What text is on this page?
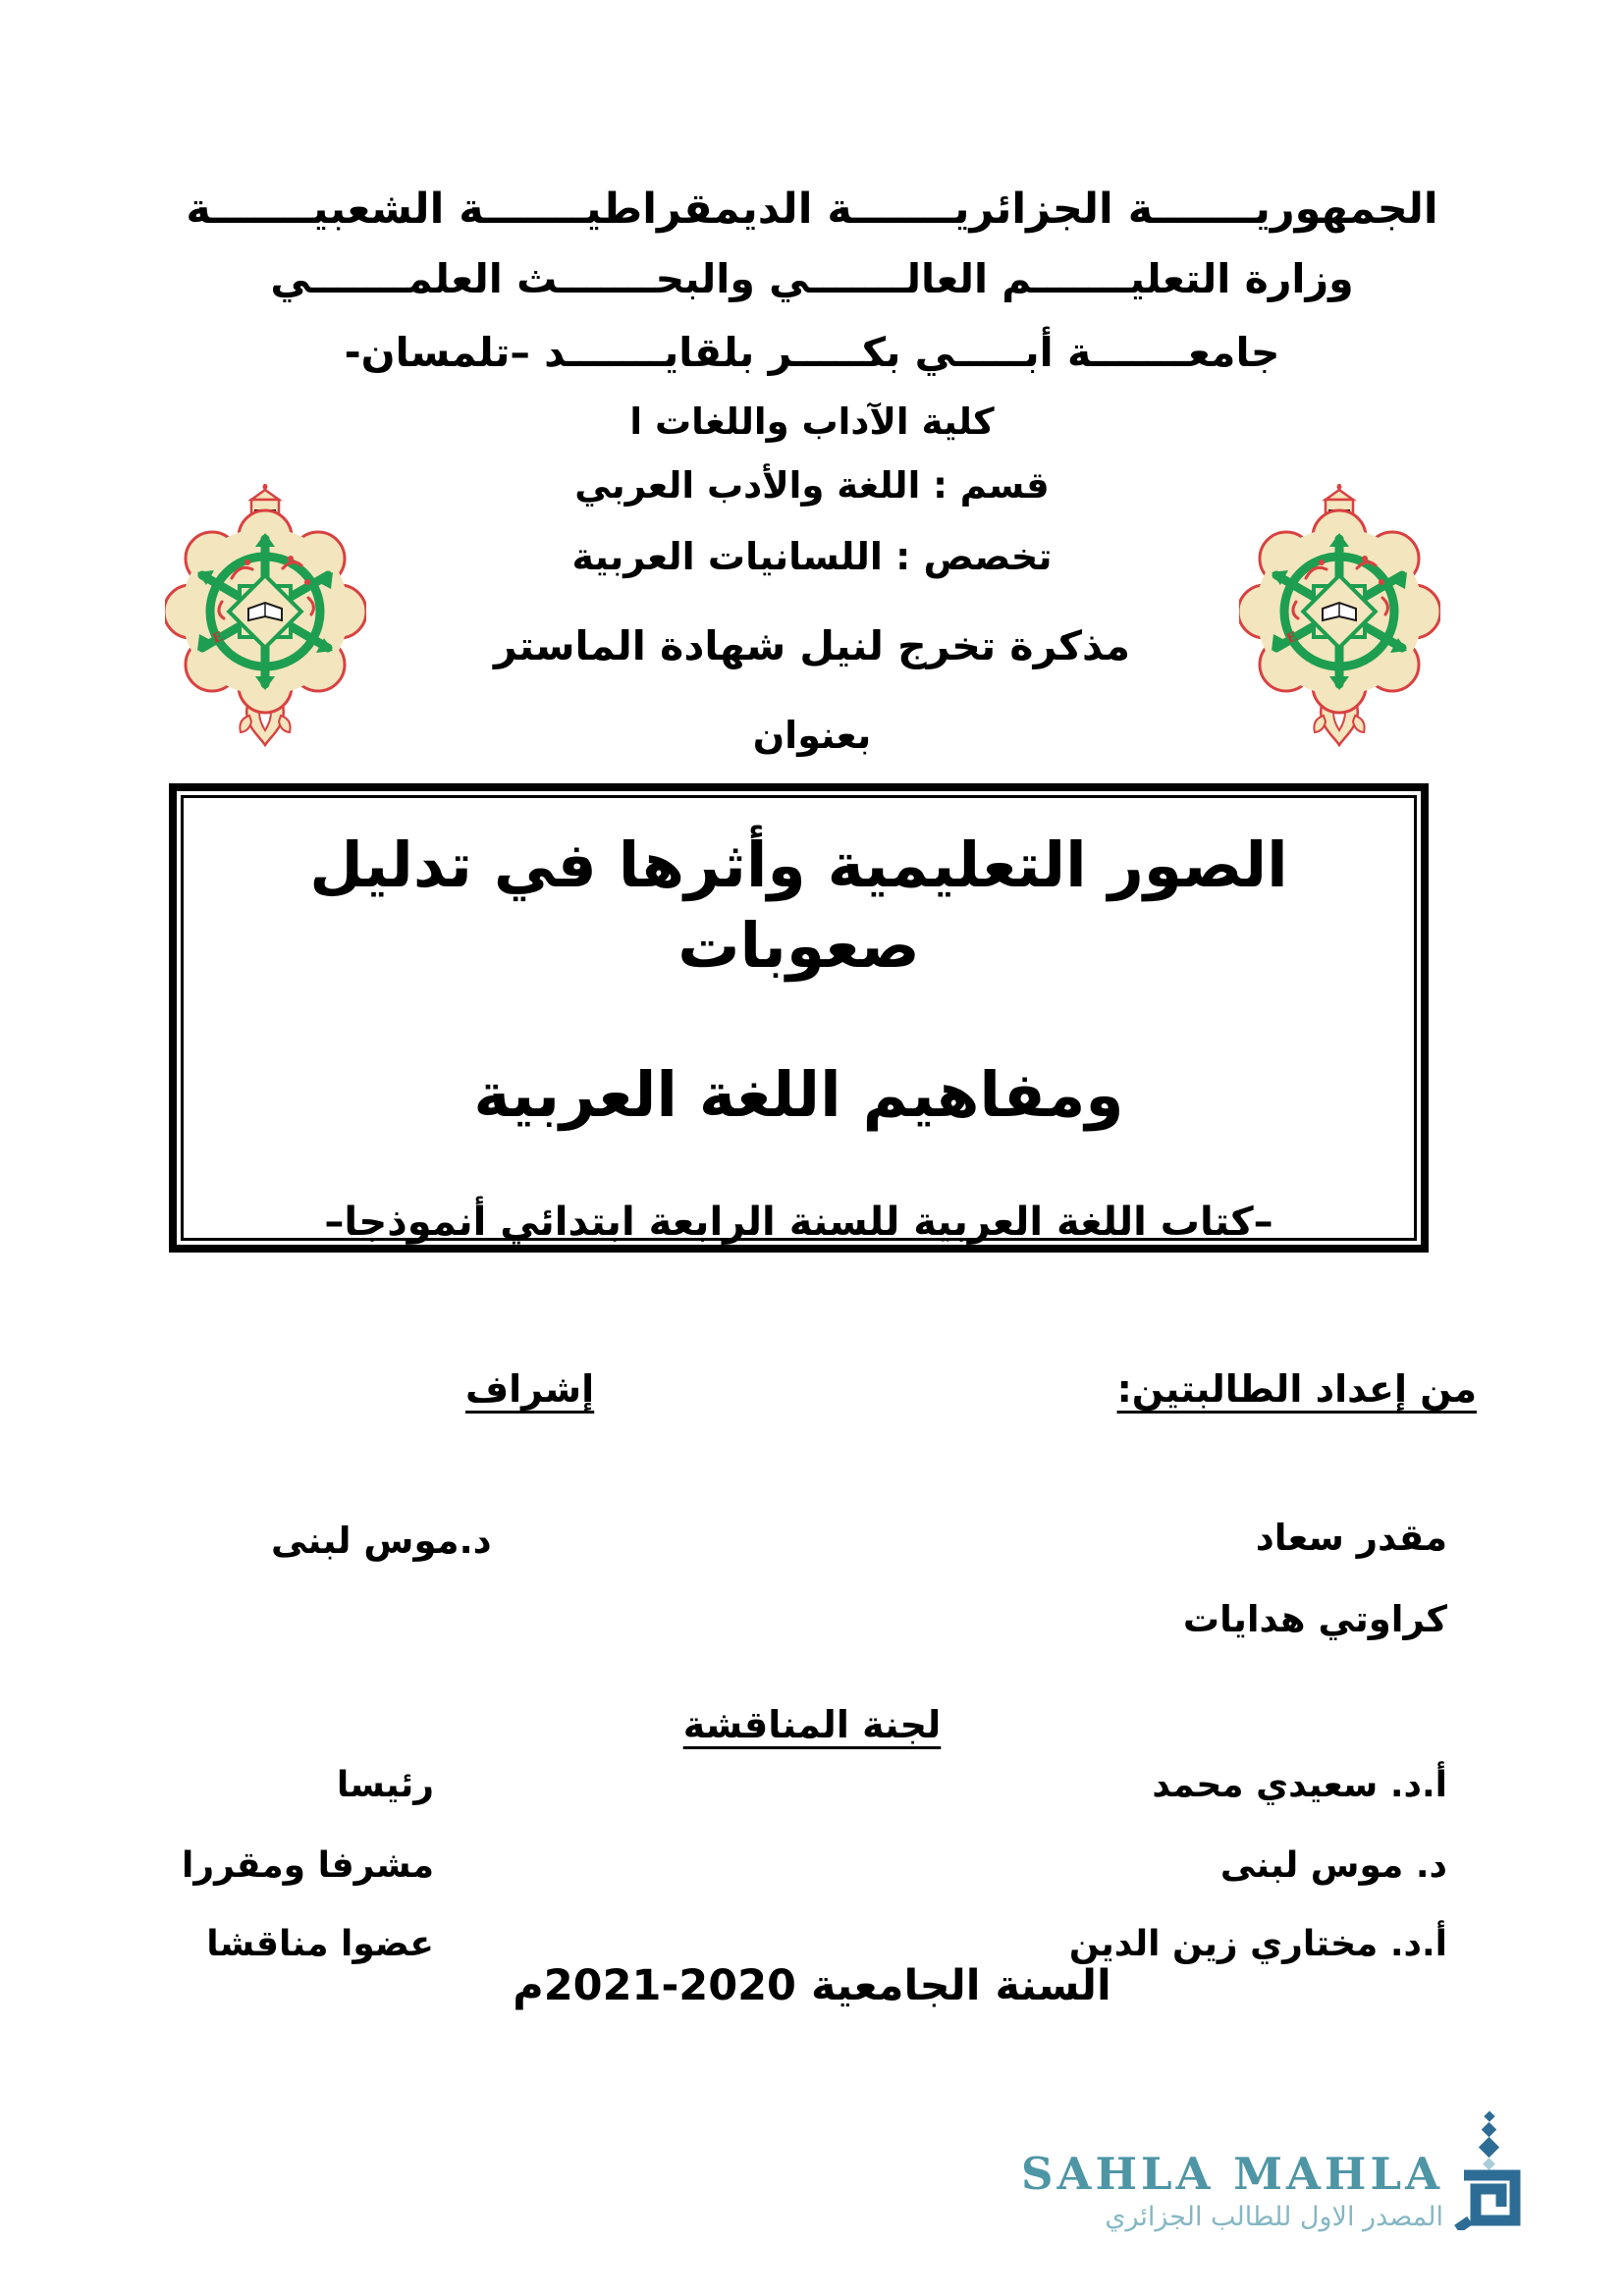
الجمهوريـــــــة الجزائريـــــــة الديمقراطيـــــــة الشعبيـــــــة
وزارة التعليـــــــم العالـــــــي والبحـــــــث العلمـــــــي
جامعـــــــة أبـــــي بكـــــر بلقايـــــــد –تلمسان-
كلية الآداب واللغات ا
قسم : اللغة والأدب العربي
تخصص : اللسانيات العربية
مذكرة تخرج لنيل شهادة الماستر
بعنوان
الصور التعليمية وأثرها في تدليل صعوبات
ومفاهيم اللغة العربية
–كتاب اللغة العربية للسنة الرابعة ابتدائي أنموذجا–
من إعداد الطالبتين:
إشراف
مقدر سعاد
د.موس لبنى
كراوتي هدايات
لجنة المناقشة
أ.د. سعيدي محمد
رئيسا
د. موس لبنى
مشرفا ومقررا
أ.د. مختاري زين الدين
عضوا مناقشا
السنة الجامعية 2020-2021م
SAHLA MAHLA
المصدر الاول للطالب الجزائري
